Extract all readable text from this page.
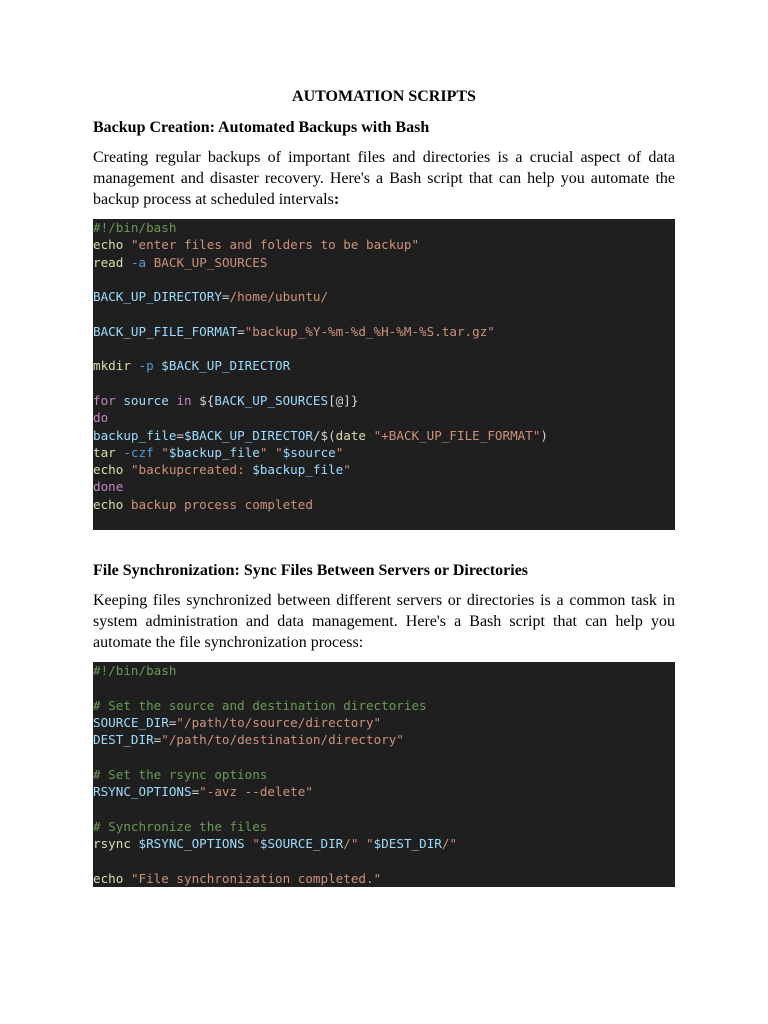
AUTOMATION SCRIPTS
Backup Creation: Automated Backups with Bash

Creating regular backups of important files and directories is a crucial aspect of data management and disaster recovery. Here's a Bash script that can help you automate the backup process at scheduled intervals:

#!/bin/bash
echo "enter files and folders to be backup"
read -a BACK_UP_SOURCES
BACK_UP_DIRECTORY=/home/ubuntu/
BACK_UP_FILE_FORMAT="backup_%Y-%m-%d_%H-%M-%S.tar.gz"
mkdir -p $BACK_UP_DIRECTOR
for source in ${BACK_UP_SOURCES[@]}
do
backup_file=$BACK_UP_DIRECTOR/$(date "+BACK_UP_FILE_FORMAT")
tar -czf "$backup_file" "$source"
echo "backupcreated: $backup_file"
done
echo backup process completed
File Synchronization: Sync Files Between Servers or Directories

Keeping files synchronized between different servers or directories is a common task in system administration and data management. Here's a Bash script that can help you automate the file synchronization process:

#!/bin/bash
# Set the source and destination directories
SOURCE_DIR="/path/to/source/directory"
DEST_DIR="/path/to/destination/directory"
# Set the rsync options
RSYNC_OPTIONS="-avz --delete"
# Synchronize the files
rsync $RSYNC_OPTIONS "$SOURCE_DIR/" "$DEST_DIR/"
echo "File synchronization completed."
